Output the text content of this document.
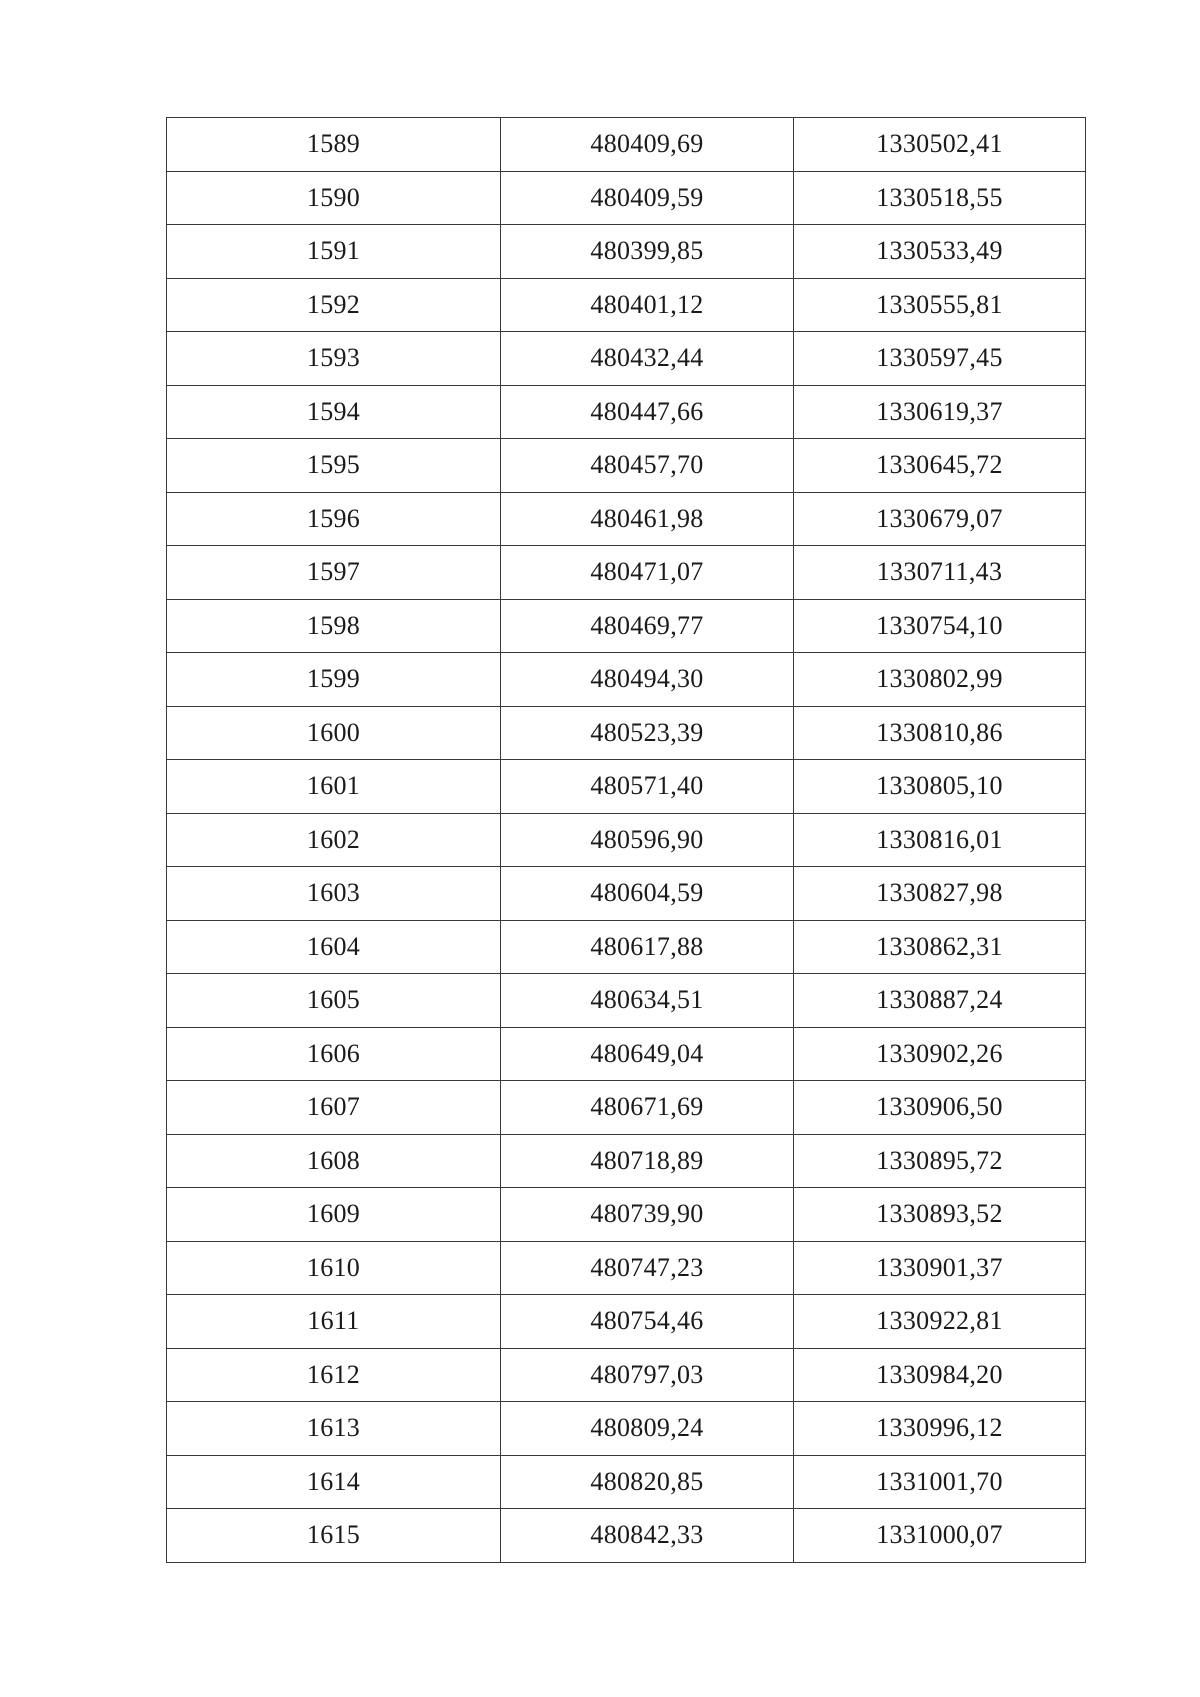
1589	480409,69	1330502,41
1590	480409,59	1330518,55
1591	480399,85	1330533,49
1592	480401,12	1330555,81
1593	480432,44	1330597,45
1594	480447,66	1330619,37
1595	480457,70	1330645,72
1596	480461,98	1330679,07
1597	480471,07	1330711,43
1598	480469,77	1330754,10
1599	480494,30	1330802,99
1600	480523,39	1330810,86
1601	480571,40	1330805,10
1602	480596,90	1330816,01
1603	480604,59	1330827,98
1604	480617,88	1330862,31
1605	480634,51	1330887,24
1606	480649,04	1330902,26
1607	480671,69	1330906,50
1608	480718,89	1330895,72
1609	480739,90	1330893,52
1610	480747,23	1330901,37
1611	480754,46	1330922,81
1612	480797,03	1330984,20
1613	480809,24	1330996,12
1614	480820,85	1331001,70
1615	480842,33	1331000,07
